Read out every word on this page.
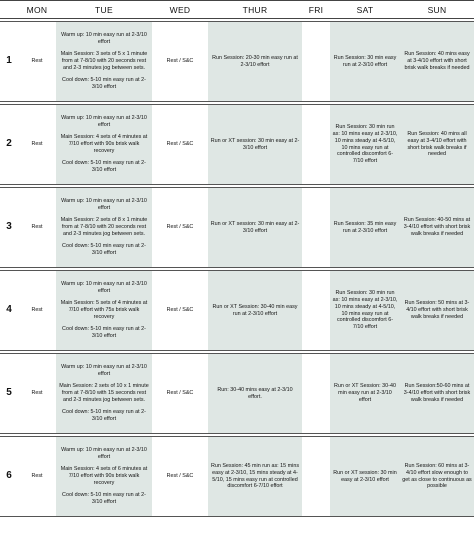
	MON	TUE	WED	THUR	FRI	SAT	SUN

1	Rest	Warm up: 10 min easy run at 2-3/10 effort
Main Session: 3 sets of 5 x 1 minute from at 7-8/10 with 20 seconds rest and 2-3 minutes jog between sets.
Cool down: 5-10 min easy run at 2-3/10 effort	Rest / S&C	Run Session: 20-30 min easy run at 2-3/10 effort		Run Session: 30 min easy run at 2-3/10 effort	Run Session: 40 mins easy at 3-4/10 effort with short brisk walk breaks if needed

2	Rest	Warm up: 10 min easy run at 2-3/10 effort
Main Session: 4 sets of 4 minutes at 7/10 effort with 90s brisk walk recovery
Cool down: 5-10 min easy run at 2-3/10 effort	Rest / S&C	Run or XT session: 30 min easy at 2-3/10 effort		Run Session: 30 min run as: 10 mins easy at 2-3/10, 10 mins steady at 4-5/10, 10 mins easy run at controlled discomfort 6-7/10 effort	Run Session: 40 mins all easy at 3-4/10 effort with short brisk walk breaks if needed

3	Rest	Warm up: 10 min easy run at 2-3/10 effort
Main Session: 2 sets of 8 x 1 minute from at 7-8/10 with 20 seconds rest and 2-3 minutes jog between sets.
Cool down: 5-10 min easy run at 2-3/10 effort	Rest / S&C	Run or XT session: 30 min easy at 2-3/10 effort		Run Session: 35 min easy run at 2-3/10 effort	Run Session: 40-50 mins at 3-4/10 effort with short brisk walk breaks if needed

4	Rest	Warm up: 10 min easy run at 2-3/10 effort
Main Session: 5 sets of 4 minutes at 7/10 effort with 75s brisk walk recovery
Cool down: 5-10 min easy run at 2-3/10 effort	Rest / S&C	Run or XT Session: 30-40 min easy run at 2-3/10 effort		Run Session: 30 min run as: 10 mins easy at 2-3/10, 10 mins steady at 4-5/10, 10 mins easy run at controlled discomfort 6-7/10 effort	Run Session: 50 mins at 3-4/10 effort with short brisk walk breaks if needed

5	Rest	Warm up: 10 min easy run at 2-3/10 effort
Main Session: 2 sets of 10 x 1 minute from at 7-8/10 with 15 seconds rest and 2-3 minutes jog between sets.
Cool down: 5-10 min easy run at 2-3/10 effort	Rest / S&C	Run: 30-40 mins easy at 2-3/10 effort.		Run or XT Session: 30-40 min easy run at 2-3/10 effort	Run Session:50-60 mins at 3-4/10 effort with short brisk walk breaks if needed

6	Rest	Warm up: 10 min easy run at 2-3/10 effort
Main Session: 4 sets of 6 minutes at 7/10 effort with 90s brisk walk recovery
Cool down: 5-10 min easy run at 2-3/10 effort	Rest / S&C	Run Session: 45 min run as: 15 mins easy at 2-3/10, 15 mins steady at 4-5/10, 15 mins easy run at controlled discomfort 6-7/10 effort		Run or XT session: 30 min easy at 2-3/10 effort	Run Session: 60 mins at 3-4/10 effort slow enough to get as close to continuous as possible
